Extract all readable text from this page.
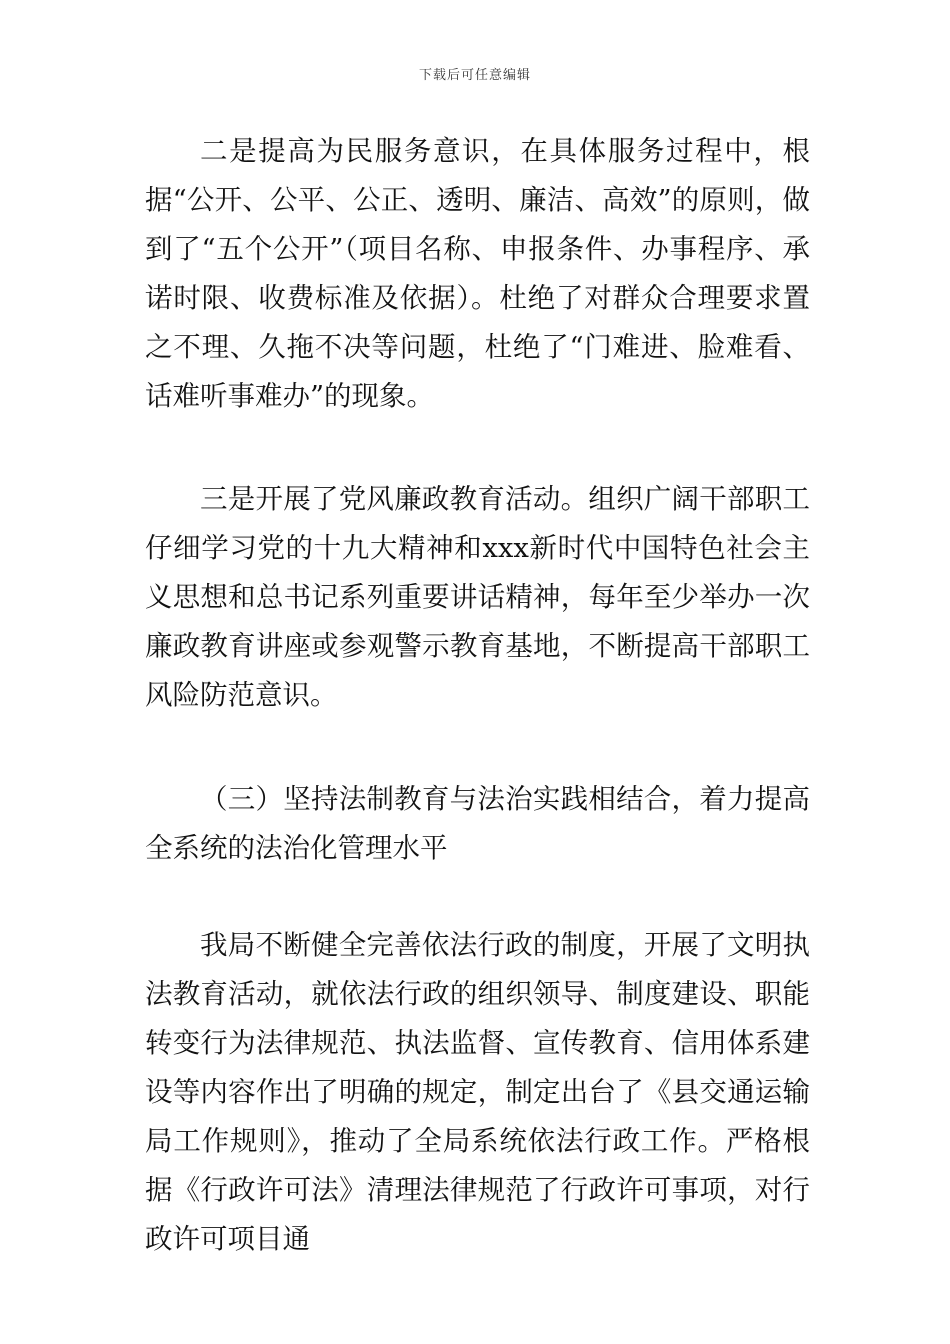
下载后可任意编辑

二是提高为民服务意识，在具体服务过程中，根据“公开、公平、公正、透明、廉洁、高效”的原则，做到了“五个公开”（项目名称、申报条件、办事程序、承诺时限、收费标准及依据）。杜绝了对群众合理要求置之不理、久拖不决等问题，杜绝了“门难进、脸难看、话难听事难办”的现象。

三是开展了党风廉政教育活动。组织广阔干部职工仔细学习党的十九大精神和xxx新时代中国特色社会主义思想和总书记系列重要讲话精神，每年至少举办一次廉政教育讲座或参观警示教育基地，不断提高干部职工风险防范意识。

（三）坚持法制教育与法治实践相结合，着力提高全系统的法治化管理水平

我局不断健全完善依法行政的制度，开展了文明执法教育活动，就依法行政的组织领导、制度建设、职能转变行为法律规范、执法监督、宣传教育、信用体系建设等内容作出了明确的规定，制定出台了《县交通运输局工作规则》，推动了全局系统依法行政工作。严格根据《行政许可法》清理法律规范了行政许可事项，对行政许可项目通
